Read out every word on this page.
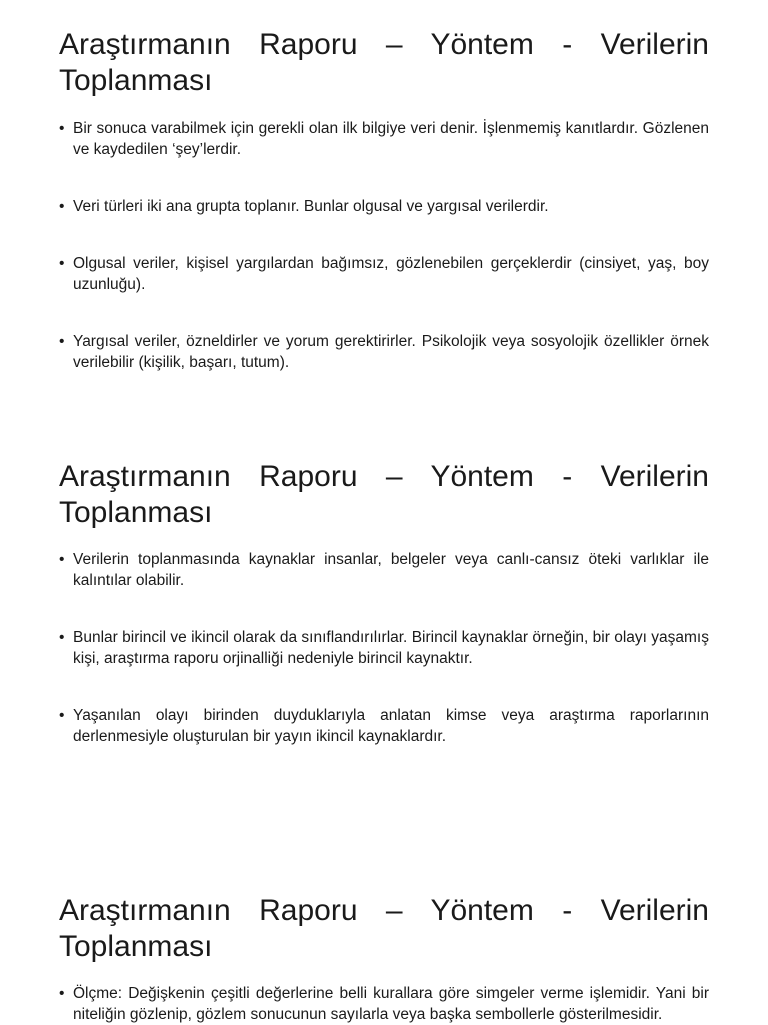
Araştırmanın Raporu – Yöntem - Verilerin Toplanması
• Bir sonuca varabilmek için gerekli olan ilk bilgiye veri denir. İşlenmemiş kanıtlardır. Gözlenen ve kaydedilen ‘şey’lerdir.
• Veri türleri iki ana grupta toplanır. Bunlar olgusal ve yargısal verilerdir.
• Olgusal veriler, kişisel yargılardan bağımsız, gözlenebilen gerçeklerdir (cinsiyet, yaş, boy uzunluğu).
• Yargısal veriler, özneldirler ve yorum gerektirirler. Psikolojik veya sosyolojik özellikler örnek verilebilir (kişilik, başarı, tutum).
Araştırmanın Raporu – Yöntem - Verilerin Toplanması
• Verilerin toplanmasında kaynaklar insanlar, belgeler veya canlı-cansız öteki varlıklar ile kalıntılar olabilir.
• Bunlar birincil ve ikincil olarak da sınıflandırılırlar. Birincil kaynaklar örneğin, bir olayı yaşamış kişi, araştırma raporu orjinalliği nedeniyle birincil kaynaktır.
• Yaşanılan olayı birinden duyduklarıyla anlatan kimse veya araştırma raporlarının derlenmesiyle oluşturulan bir yayın ikincil kaynaklardır.
Araştırmanın Raporu – Yöntem - Verilerin Toplanması
• Ölçme: Değişkenin çeşitli değerlerine belli kurallara göre simgeler verme işlemidir. Yani bir niteliğin gözlenip, gözlem sonucunun sayılarla veya başka sembollerle gösterilmesidir.
